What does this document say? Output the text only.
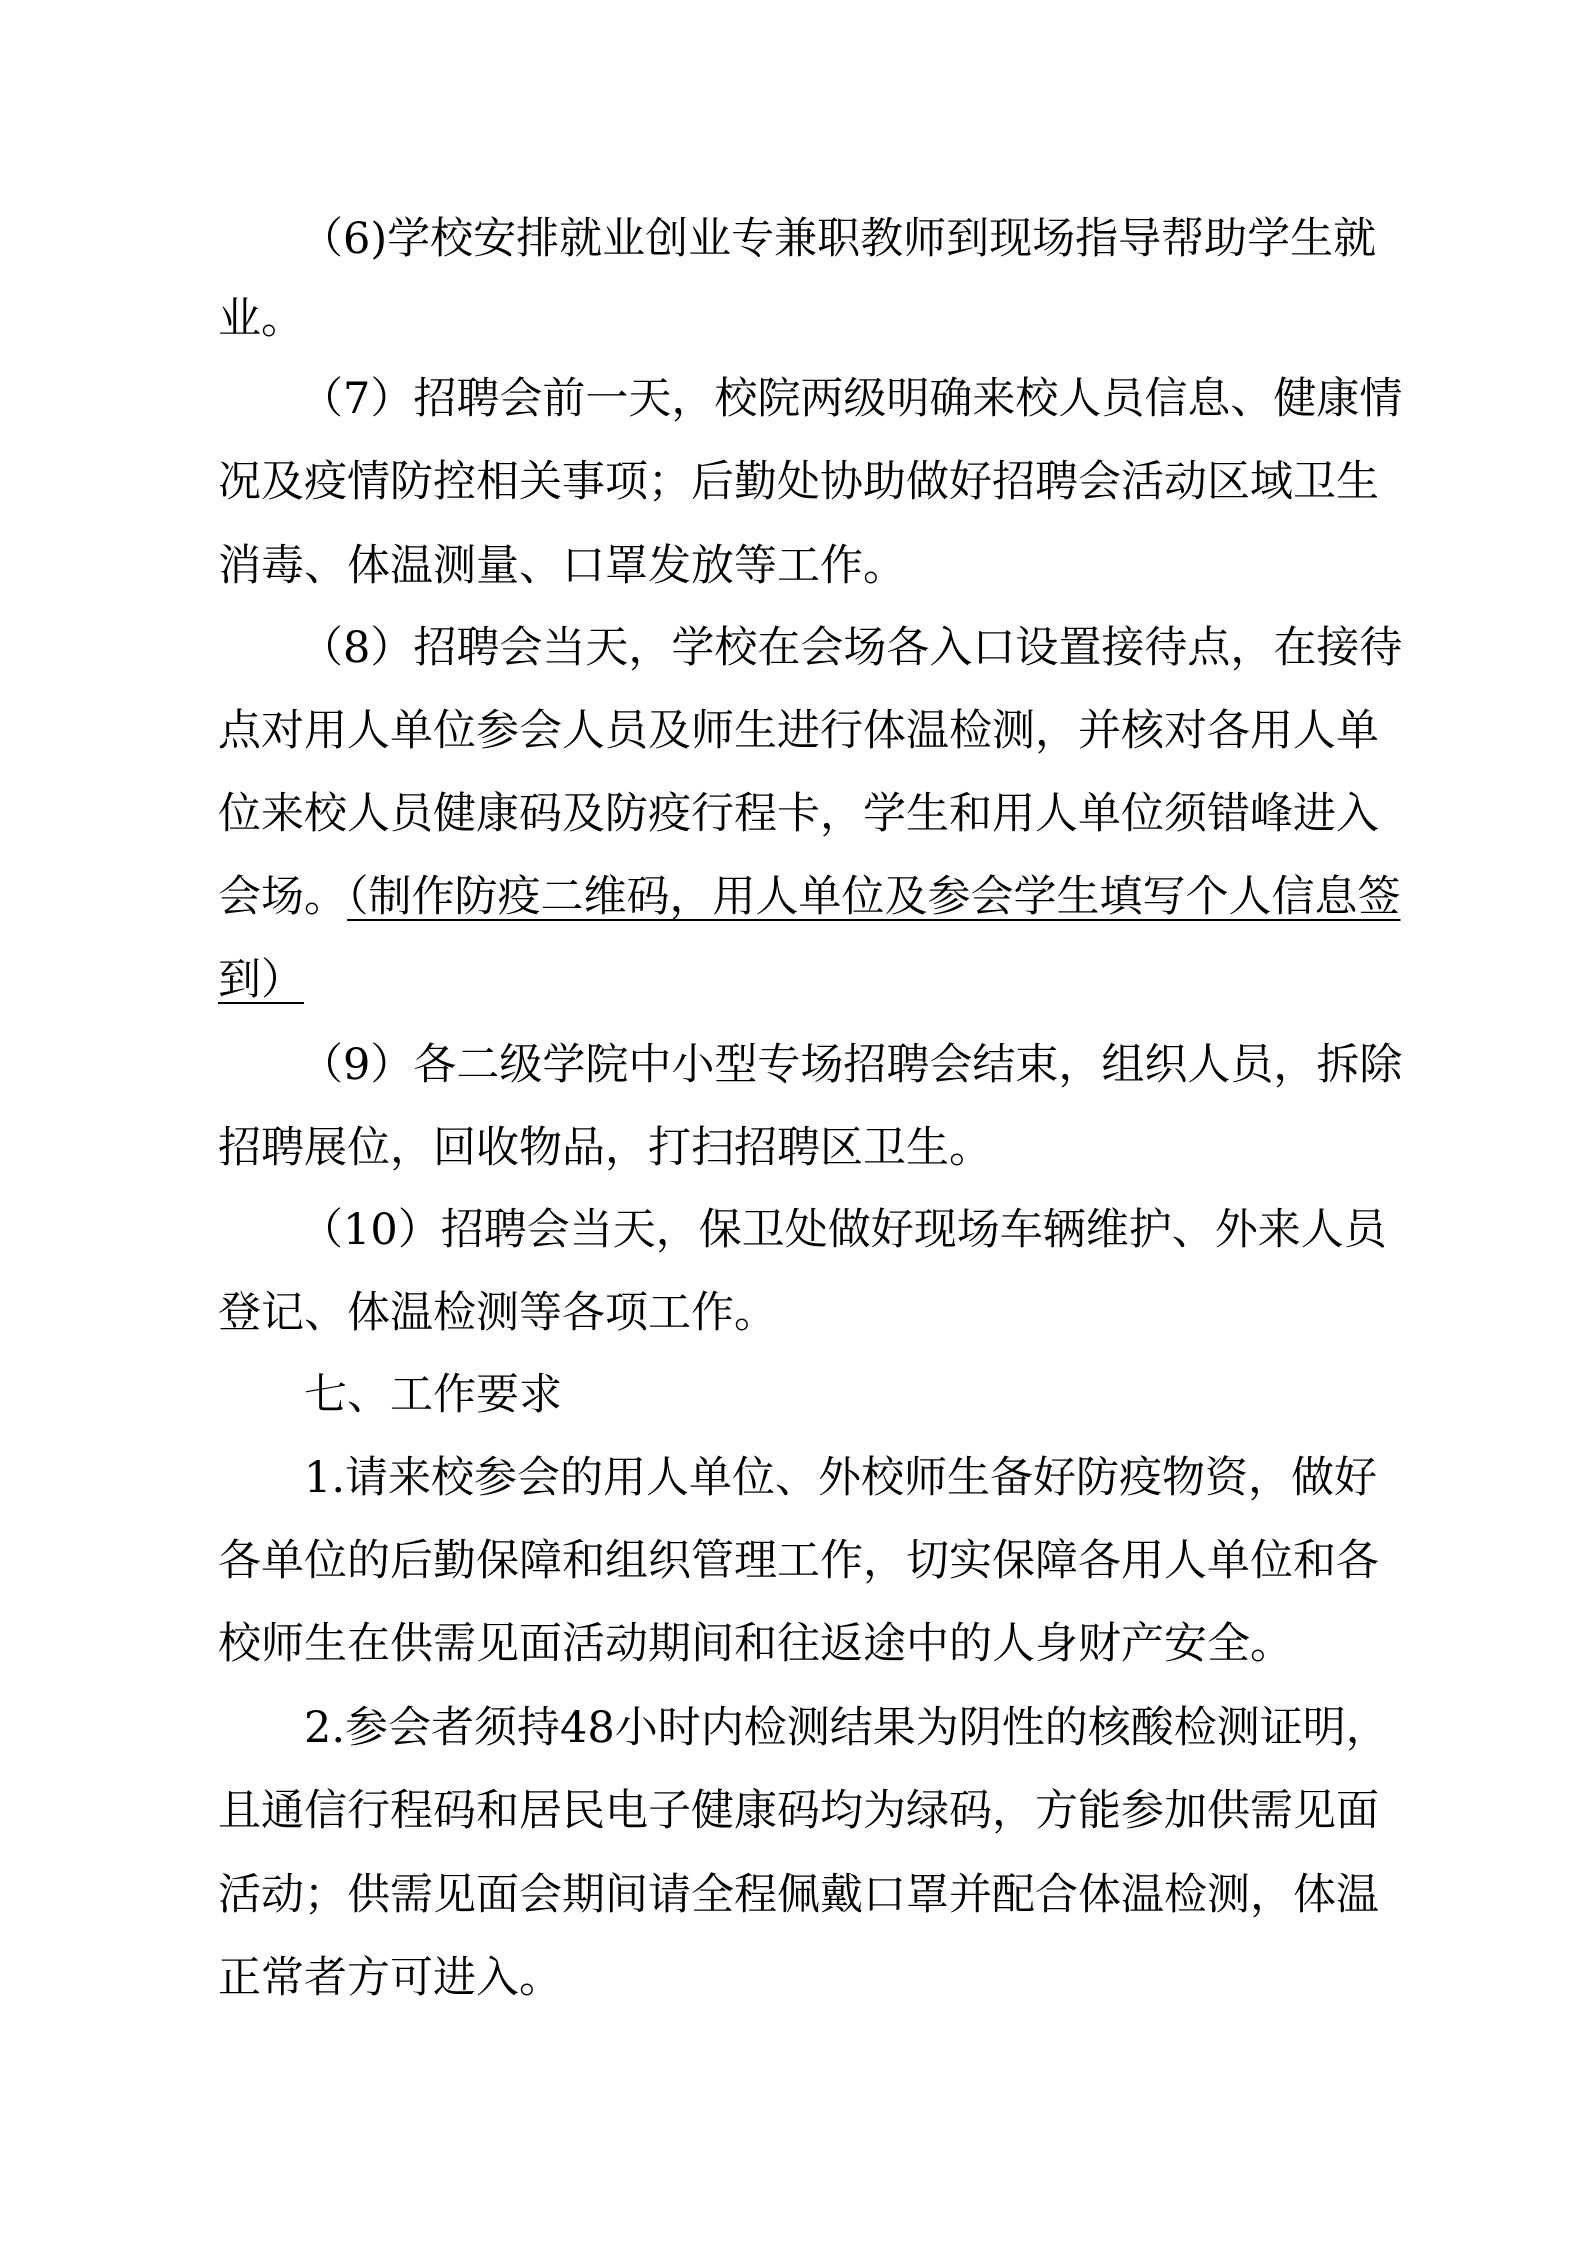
（6)学校安排就业创业专兼职教师到现场指导帮助学生就
业。
（7）招聘会前一天，校院两级明确来校人员信息、健康情
况及疫情防控相关事项；后勤处协助做好招聘会活动区域卫生
消毒、体温测量、口罩发放等工作。
（8）招聘会当天，学校在会场各入口设置接待点，在接待
点对用人单位参会人员及师生进行体温检测，并核对各用人单
位来校人员健康码及防疫行程卡，学生和用人单位须错峰进入
会场。（制作防疫二维码，用人单位及参会学生填写个人信息签
到）
（9）各二级学院中小型专场招聘会结束，组织人员，拆除
招聘展位，回收物品，打扫招聘区卫生。
（10）招聘会当天，保卫处做好现场车辆维护、外来人员
登记、体温检测等各项工作。
七、工作要求
1.请来校参会的用人单位、外校师生备好防疫物资，做好
各单位的后勤保障和组织管理工作，切实保障各用人单位和各
校师生在供需见面活动期间和往返途中的人身财产安全。
2.参会者须持48小时内检测结果为阴性的核酸检测证明，
且通信行程码和居民电子健康码均为绿码，方能参加供需见面
活动；供需见面会期间请全程佩戴口罩并配合体温检测，体温
正常者方可进入。
